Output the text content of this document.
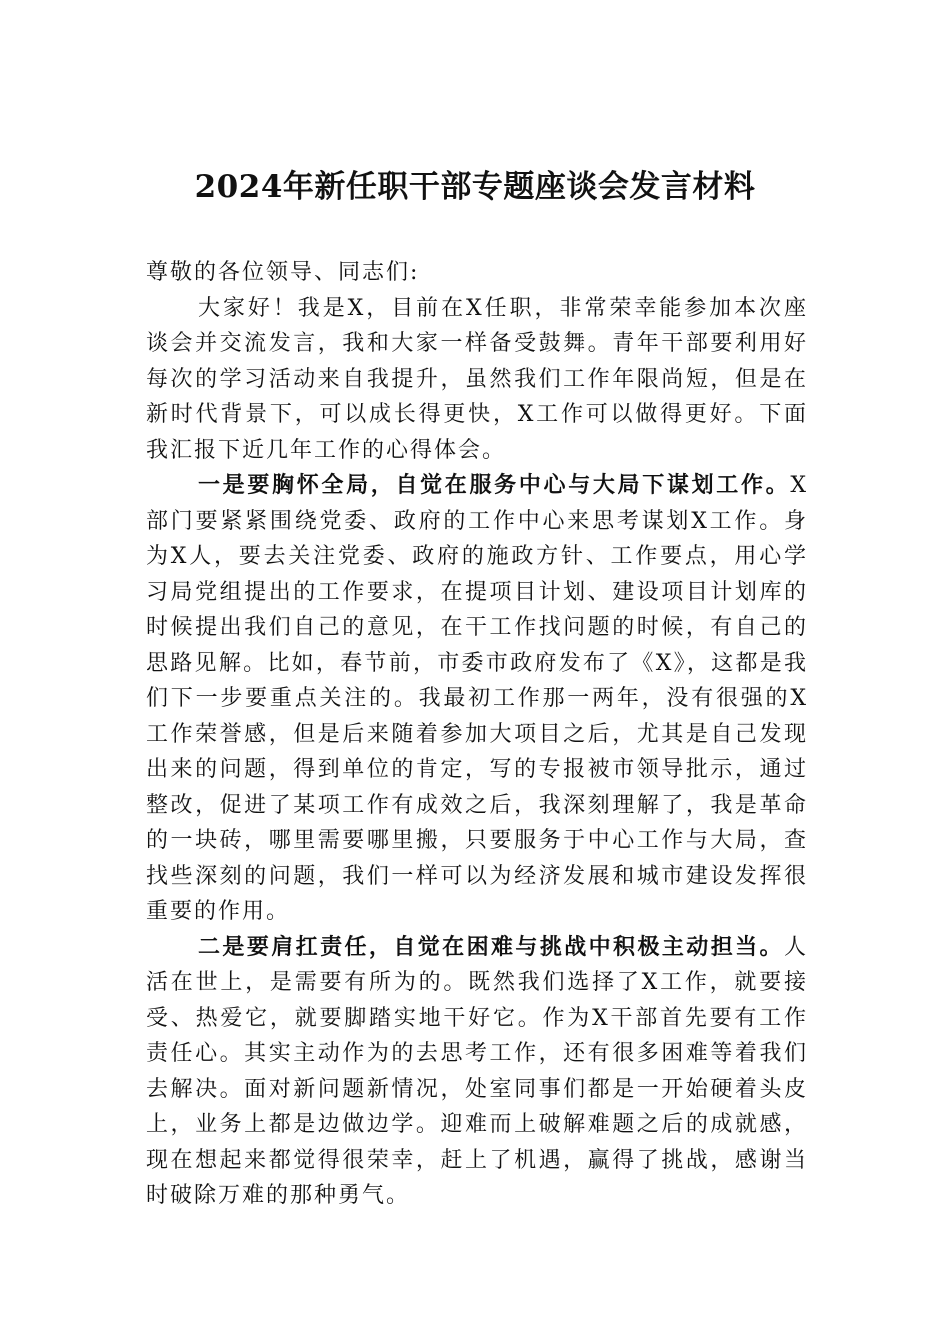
2024年新任职干部专题座谈会发言材料

尊敬的各位领导、同志们:

大家好！我是X，目前在X任职，非常荣幸能参加本次座谈会并交流发言，我和大家一样备受鼓舞。青年干部要利用好每次的学习活动来自我提升，虽然我们工作年限尚短，但是在新时代背景下，可以成长得更快，X工作可以做得更好。下面我汇报下近几年工作的心得体会。

一是要胸怀全局，自觉在服务中心与大局下谋划工作。X部门要紧紧围绕党委、政府的工作中心来思考谋划X工作。身为X人，要去关注党委、政府的施政方针、工作要点，用心学习局党组提出的工作要求，在提项目计划、建设项目计划库的时候提出我们自己的意见，在干工作找问题的时候，有自己的思路见解。比如，春节前，市委市政府发布了《X》，这都是我们下一步要重点关注的。我最初工作那一两年，没有很强的X工作荣誉感，但是后来随着参加大项目之后，尤其是自己发现出来的问题，得到单位的肯定，写的专报被市领导批示，通过整改，促进了某项工作有成效之后，我深刻理解了，我是革命的一块砖，哪里需要哪里搬，只要服务于中心工作与大局，查找些深刻的问题，我们一样可以为经济发展和城市建设发挥很重要的作用。

二是要肩扛责任，自觉在困难与挑战中积极主动担当。人活在世上，是需要有所为的。既然我们选择了X工作，就要接受、热爱它，就要脚踏实地干好它。作为X干部首先要有工作责任心。其实主动作为的去思考工作，还有很多困难等着我们去解决。面对新问题新情况，处室同事们都是一开始硬着头皮上，业务上都是边做边学。迎难而上破解难题之后的成就感，现在想起来都觉得很荣幸，赶上了机遇，赢得了挑战，感谢当时破除万难的那种勇气。
